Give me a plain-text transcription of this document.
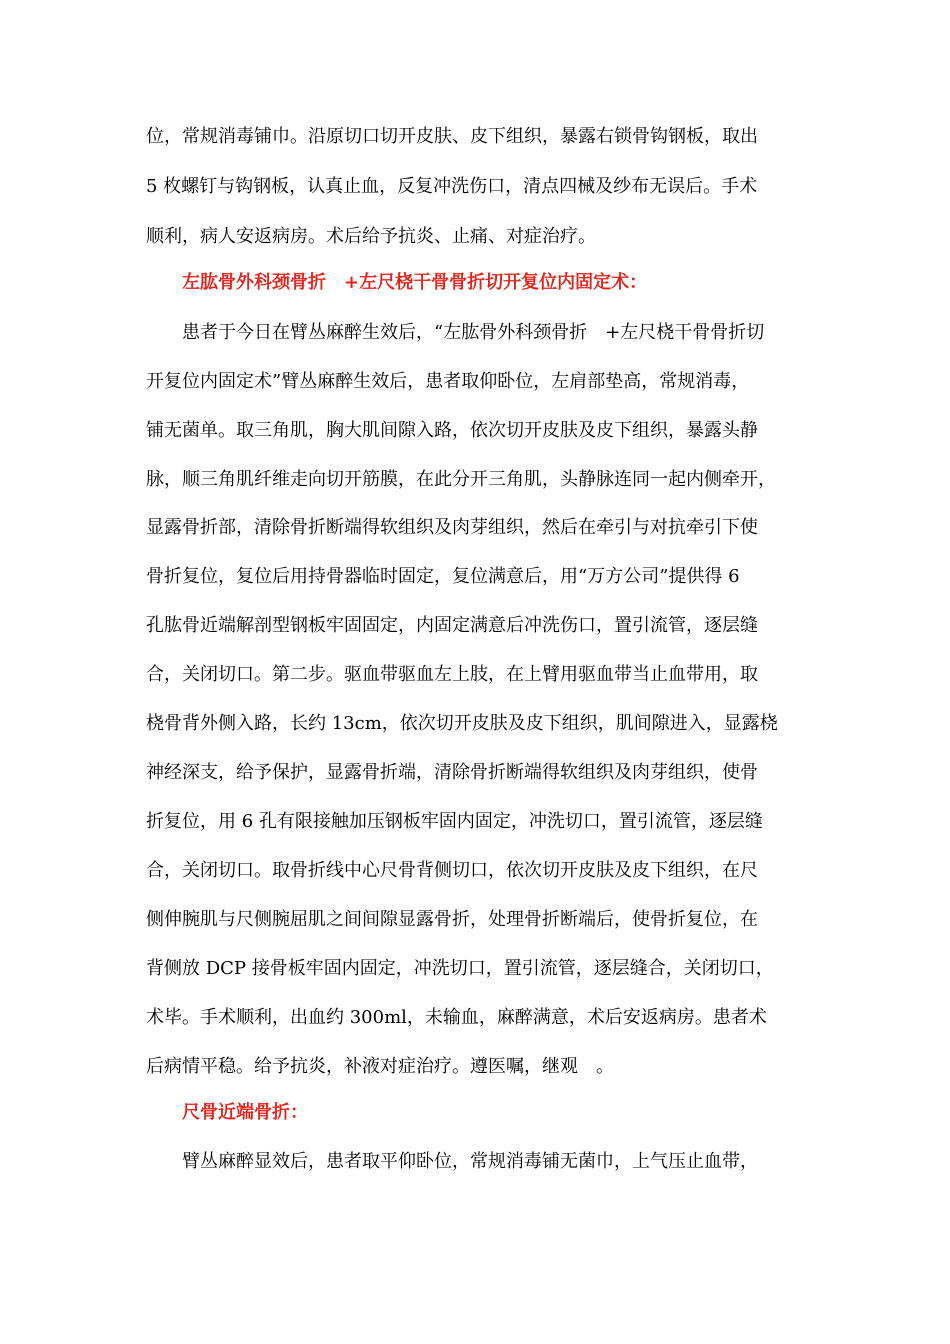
位，常规消毒铺巾。沿原切口切开皮肤、皮下组织，暴露右锁骨钩钢板，取出
5 枚螺钉与钩钢板，认真止血，反复冲洗伤口，清点四械及纱布无误后。手术
顺利，病人安返病房。术后给予抗炎、止痛、对症治疗。
左肱骨外科颈骨折　+左尺桡干骨骨折切开复位内固定术：
患者于今日在臂丛麻醉生效后，“左肱骨外科颈骨折　+左尺桡干骨骨折切
开复位内固定术”臂丛麻醉生效后，患者取仰卧位，左肩部垫高，常规消毒，
铺无菌单。取三角肌，胸大肌间隙入路，依次切开皮肤及皮下组织，暴露头静
脉，顺三角肌纤维走向切开筋膜，在此分开三角肌，头静脉连同一起内侧牵开，
显露骨折部，清除骨折断端得软组织及肉芽组织，然后在牵引与对抗牵引下使
骨折复位，复位后用持骨器临时固定，复位满意后，用“万方公司”提供得 6
孔肱骨近端解剖型钢板牢固固定，内固定满意后冲洗伤口，置引流管，逐层缝
合，关闭切口。第二步。驱血带驱血左上肢，在上臂用驱血带当止血带用，取
桡骨背外侧入路，长约 13cm，依次切开皮肤及皮下组织，肌间隙进入，显露桡
神经深支，给予保护，显露骨折端，清除骨折断端得软组织及肉芽组织，使骨
折复位，用 6 孔有限接触加压钢板牢固内固定，冲洗切口，置引流管，逐层缝
合，关闭切口。取骨折线中心尺骨背侧切口，依次切开皮肤及皮下组织，在尺
侧伸腕肌与尺侧腕屈肌之间间隙显露骨折，处理骨折断端后，使骨折复位，在
背侧放 DCP 接骨板牢固内固定，冲洗切口，置引流管，逐层缝合，关闭切口，
术毕。手术顺利，出血约 300ml，未输血，麻醉满意，术后安返病房。患者术
后病情平稳。给予抗炎，补液对症治疗。遵医嘱，继观　。
尺骨近端骨折：
臂丛麻醉显效后，患者取平仰卧位，常规消毒铺无菌巾，上气压止血带，
